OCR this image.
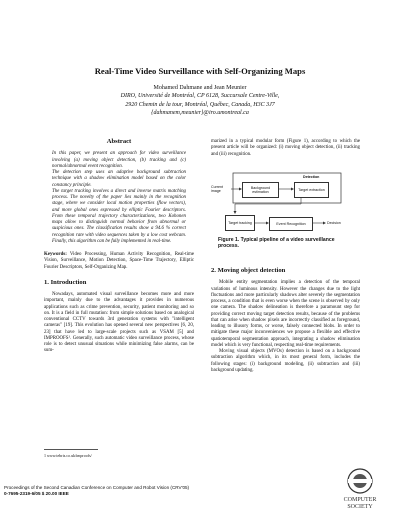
Real-Time Video Surveillance with Self-Organizing Maps
Mohamed Dahmane and Jean Meunier
DIRO, Université de Montréal, CP 6128, Succursale Centre-Ville,
2920 Chemin de la tour, Montréal, Québec, Canada, H3C 3J7
{dahmanem,meunier}@iro.umontreal.ca
Abstract

In this paper, we present an approach for video surveillance involving (a) moving object detection, (b) tracking and (c) normal/abnormal event recognition.

The detection step uses an adaptive background subtraction technique with a shadow elimination model based on the color constancy principle.

The target tracking involves a direct and inverse matrix matching process. The novelty of the paper lies mainly in the recognition stage, where we consider local motion properties (flow vectors), and more global ones expressed by elliptic Fourier descriptors. From these temporal trajectory characterizations, two Kohonen maps allow to distinguish normal behavior from abnormal or suspicious ones. The classification results show a 94.6 % correct recognition rate with video sequences taken by a low cost webcam. Finally, this algorithm can be fully implemented in real-time.

Keywords: Video Processing, Human Activity Recognition, Real-time Vision, Surveillance, Motion Detection, Space-Time Trajectory, Elliptic Fourier Descriptors, Self-Organizing Map.

1. Introduction

Nowadays, automated visual surveillance becomes more and more important, mainly due to the advantages it provides in numerous applications such as crime prevention, security, patient monitoring and so on. It is a field in full mutation: from simple solutions based on analogical conventional CCTV towards 3rd generation systems with "intelligent cameras" [19]. This evolution has opened several new perspectives [6, 20, 23] that have led to large-scale projects such as VSAM [5] and IMPROOFS¹. Generally, such automatic video surveillance process, whose role is to detect unusual situations while minimizing false alarms, can be sum-

1 www.tebris.co.uk/improofs/

marized in a typical modular form (Figure 1), according to which the present article will be organized: (i) moving object detection, (ii) tracking and (iii) recognition.

Detection
Current image
Background estimation
Target extraction
Target tracking	Event Recognition	Decision
Figure 1. Typical pipeline of a video surveillance process.
2. Moving object detection

Mobile entity segmentation implies a detection of the temporal variations of luminous intensity. However the changes due to the light fluctuations and more particularly shadows alter severely the segmentation process, a condition that is even worse when the scene is observed by only one camera. The shadow delineation is therefore a paramount step for providing correct moving target detection results, because of the problems that can arise when shadow pixels are incorrectly classified as foreground, leading to illusory forms, or worse, falsely connected blobs. In order to mitigate these major inconveniences we propose a flexible and effective spatiotemporal segmentation approach, integrating a shadow elimination model which is very functional, respecting real-time requirements.

Moving visual objects (MVOs) detection is based on a background subtraction algorithm which, in its most general form, includes the following stages: (i) background modeling, (ii) subtraction and (iii) background updating.

Proceedings of the Second Canadian Conference on Computer and Robot Vision (CRV'05)
0-7695-2319-6/05 $ 20.00 IEEE
COMPUTER
SOCIETY
